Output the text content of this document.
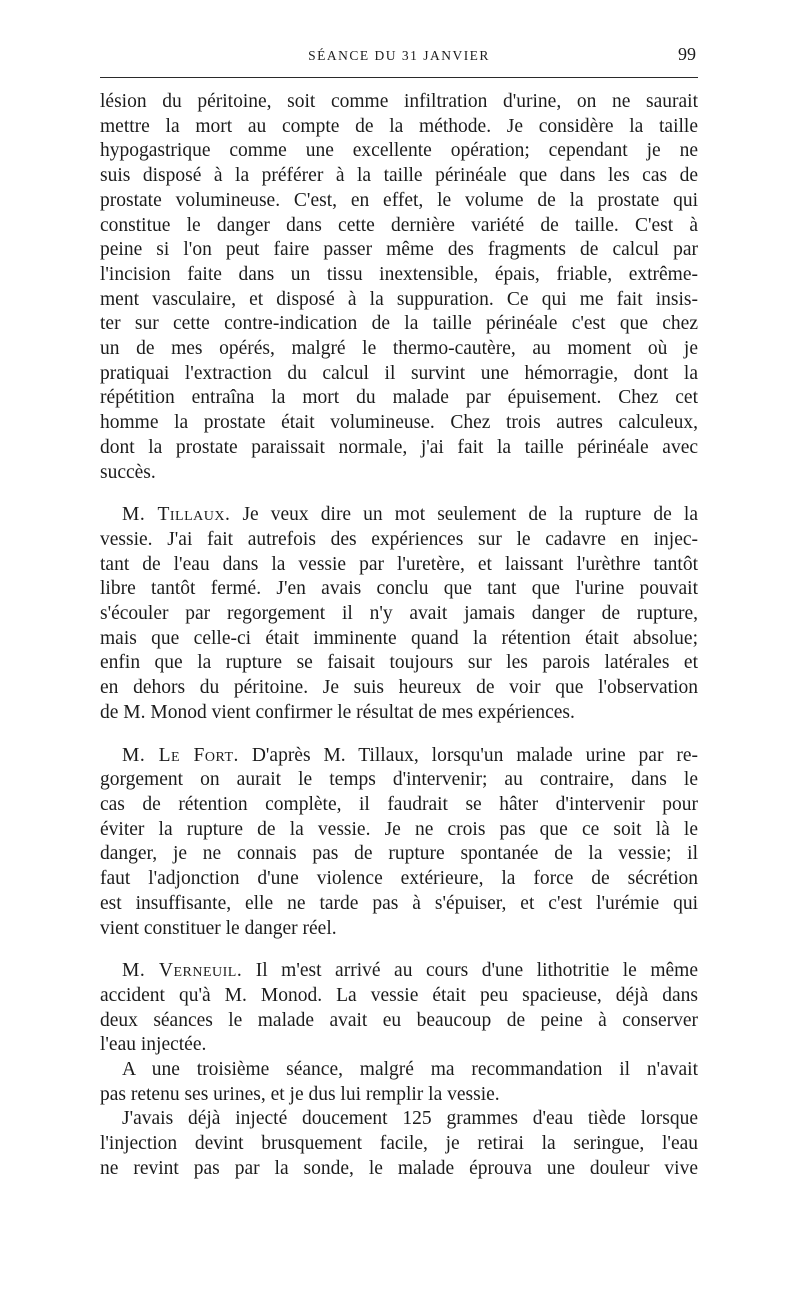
SÉANCE DU 31 JANVIER	99
lésion du péritoine, soit comme infiltration d'urine, on ne saurait
mettre la mort au compte de la méthode. Je considère la taille
hypogastrique comme une excellente opération; cependant je ne
suis disposé à la préférer à la taille périnéale que dans les cas de
prostate volumineuse. C'est, en effet, le volume de la prostate qui
constitue le danger dans cette dernière variété de taille. C'est à
peine si l'on peut faire passer même des fragments de calcul par
l'incision faite dans un tissu inextensible, épais, friable, extrême-
ment vasculaire, et disposé à la suppuration. Ce qui me fait insis-
ter sur cette contre-indication de la taille périnéale c'est que chez
un de mes opérés, malgré le thermo-cautère, au moment où je
pratiquai l'extraction du calcul il survint une hémorragie, dont la
répétition entraîna la mort du malade par épuisement. Chez cet
homme la prostate était volumineuse. Chez trois autres calculeux,
dont la prostate paraissait normale, j'ai fait la taille périnéale avec
succès.
M. Tillaux. Je veux dire un mot seulement de la rupture de la
vessie. J'ai fait autrefois des expériences sur le cadavre en injec-
tant de l'eau dans la vessie par l'uretère, et laissant l'urèthre tantôt
libre tantôt fermé. J'en avais conclu que tant que l'urine pouvait
s'écouler par regorgement il n'y avait jamais danger de rupture,
mais que celle-ci était imminente quand la rétention était absolue;
enfin que la rupture se faisait toujours sur les parois latérales et
en dehors du péritoine. Je suis heureux de voir que l'observation
de M. Monod vient confirmer le résultat de mes expériences.
M. Le Fort. D'après M. Tillaux, lorsqu'un malade urine par re-
gorgement on aurait le temps d'intervenir; au contraire, dans le
cas de rétention complète, il faudrait se hâter d'intervenir pour
éviter la rupture de la vessie. Je ne crois pas que ce soit là le
danger, je ne connais pas de rupture spontanée de la vessie; il
faut l'adjonction d'une violence extérieure, la force de sécrétion
est insuffisante, elle ne tarde pas à s'épuiser, et c'est l'urémie qui
vient constituer le danger réel.
M. Verneuil. Il m'est arrivé au cours d'une lithotritie le même
accident qu'à M. Monod. La vessie était peu spacieuse, déjà dans
deux séances le malade avait eu beaucoup de peine à conserver
l'eau injectée.
A une troisième séance, malgré ma recommandation il n'avait
pas retenu ses urines, et je dus lui remplir la vessie.
J'avais déjà injecté doucement 125 grammes d'eau tiède lorsque
l'injection devint brusquement facile, je retirai la seringue, l'eau
ne revint pas par la sonde, le malade éprouva une douleur vive
